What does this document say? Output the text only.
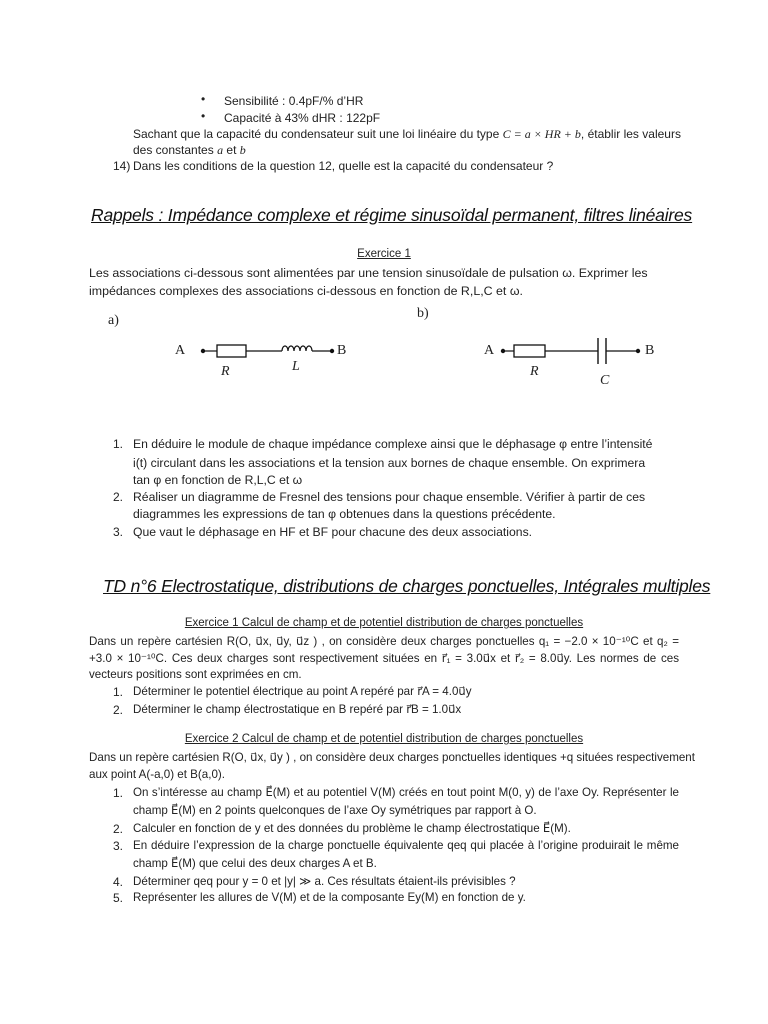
• Sensibilité : 0.4pF/% d’HR
• Capacité à 43% dHR : 122pF
Sachant que la capacité du condensateur suit une loi linéaire du type C = a × HR + b, établir les valeurs
des constantes a et b
14) Dans les conditions de la question 12, quelle est la capacité du condensateur ?
Rappels : Impédance complexe et régime sinusoïdal permanent, filtres linéaires
Exercice 1
Les associations ci-dessous sont alimentées par une tension sinusoïdale de pulsation ω. Exprimer les
impédances complexes des associations ci-dessous en fonction de R,L,C et ω.
a)
A	B
R	L
b)
A	B
R
C
1. En déduire le module de chaque impédance complexe ainsi que le déphasage φ entre l’intensité
i(t) circulant dans les associations et la tension aux bornes de chaque ensemble. On exprimera
tan φ en fonction de R,L,C et ω
2. Réaliser un diagramme de Fresnel des tensions pour chaque ensemble. Vérifier à partir de ces
diagrammes les expressions de tan φ obtenues dans la questions précédente.
3. Que vaut le déphasage en HF et BF pour chacune des deux associations.
TD n°6 Electrostatique, distributions de charges ponctuelles, Intégrales multiples
Exercice 1 Calcul de champ et de potentiel distribution de charges ponctuelles
Dans un repère cartésien R(O, u⃗x, u⃗y, u⃗z ) , on considère deux charges ponctuelles q₁ = −2.0 × 10⁻¹⁰C et q₂ =
+3.0 × 10⁻¹⁰C. Ces deux charges sont respectivement situées en r⃗₁ = 3.0u⃗x et r⃗₂ = 8.0u⃗y. Les normes de ces
vecteurs positions sont exprimées en cm.
1. Déterminer le potentiel électrique au point A repéré par r⃗A = 4.0u⃗y
2. Déterminer le champ électrostatique en B repéré par r⃗B = 1.0u⃗x
Exercice 2 Calcul de champ et de potentiel distribution de charges ponctuelles
Dans un repère cartésien R(O, u⃗x, u⃗y ) , on considère deux charges ponctuelles identiques +q situées respectivement
aux point A(-a,0) et B(a,0).
1. On s’intéresse au champ E⃗(M) et au potentiel V(M) créés en tout point M(0, y) de l’axe Oy. Représenter le
champ E⃗(M) en 2 points quelconques de l’axe Oy symétriques par rapport à O.
2. Calculer en fonction de y et des données du problème le champ électrostatique E⃗(M).
3. En déduire l’expression de la charge ponctuelle équivalente qeq qui placée à l’origine produirait le même
champ E⃗(M) que celui des deux charges A et B.
4. Déterminer qeq pour y = 0 et |y| ≫ a. Ces résultats étaient-ils prévisibles ?
5. Représenter les allures de V(M) et de la composante Ey(M) en fonction de y.
